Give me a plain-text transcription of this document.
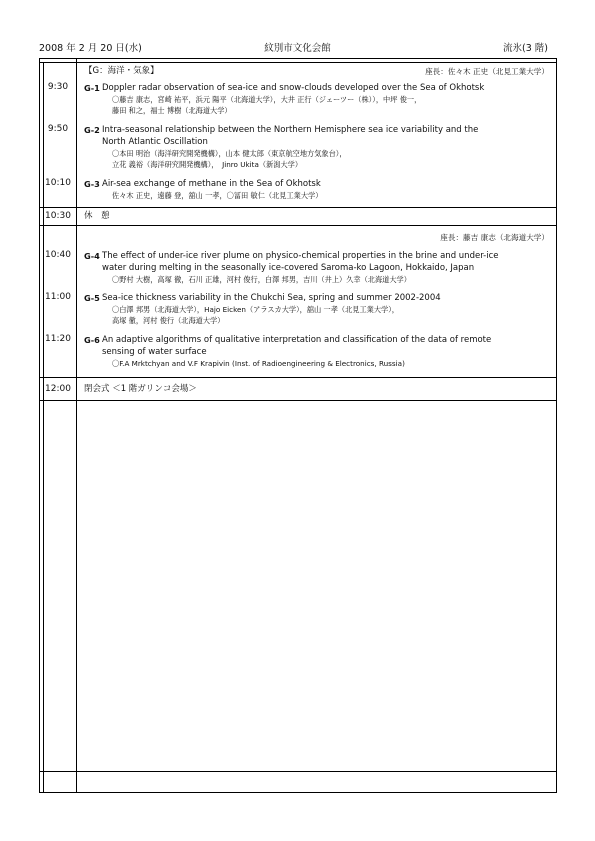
2008 年 2 月 20 日(水)	紋別市文化会館	流氷(3 階)
【G：海洋・気象】	座長：佐々木 正史（北見工業大学）
9:30	G-1 Doppler radar observation of sea-ice and snow-clouds developed over the Sea of Okhotsk
〇藤吉 康志，宮崎 祐平，浜元 陽平（北海道大学），大井 正行（ジェーツー（株）），中坪 俊一，
藤田 和之，福士 博樹（北海道大学）
9:50	G-2 Intra-seasonal relationship between the Northern Hemisphere sea ice variability and the
North Atlantic Oscillation
〇本田 明治（海洋研究開発機構），山本 健太郎（東京航空地方気象台），
立花 義裕（海洋研究開発機構），　Jinro Ukita（新潟大学）
10:10	G-3 Air-sea exchange of methane in the Sea of Okhotsk
佐々木 正史，遠藤 登，舘山 一孝，〇冨田 敏仁（北見工業大学）
10:30	休　憩
座長：藤吉 康志（北海道大学）
10:40	G-4 The effect of under-ice river plume on physico-chemical properties in the brine and under-ice
water during melting in the seasonally ice-covered Saroma-ko Lagoon, Hokkaido, Japan
〇野村 大樹，高塚 徹，石川 正雄，河村 俊行，白澤 邦男，吉川（井上）久幸（北海道大学）
11:00	G-5 Sea-ice thickness variability in the Chukchi Sea, spring and summer 2002-2004
〇白澤 邦男（北海道大学），Hajo Eicken（アラスカ大学），舘山 一孝（北見工業大学），
高塚 徹，河村 俊行（北海道大学）
11:20	G-6 An adaptive algorithms of qualitative interpretation and classification of the data of remote
sensing of water surface
〇F.A Mrktchyan and V.F Krapivin (Inst. of Radioengineering & Electronics, Russia)
12:00	閉会式 ＜1 階ガリンコ会場＞
